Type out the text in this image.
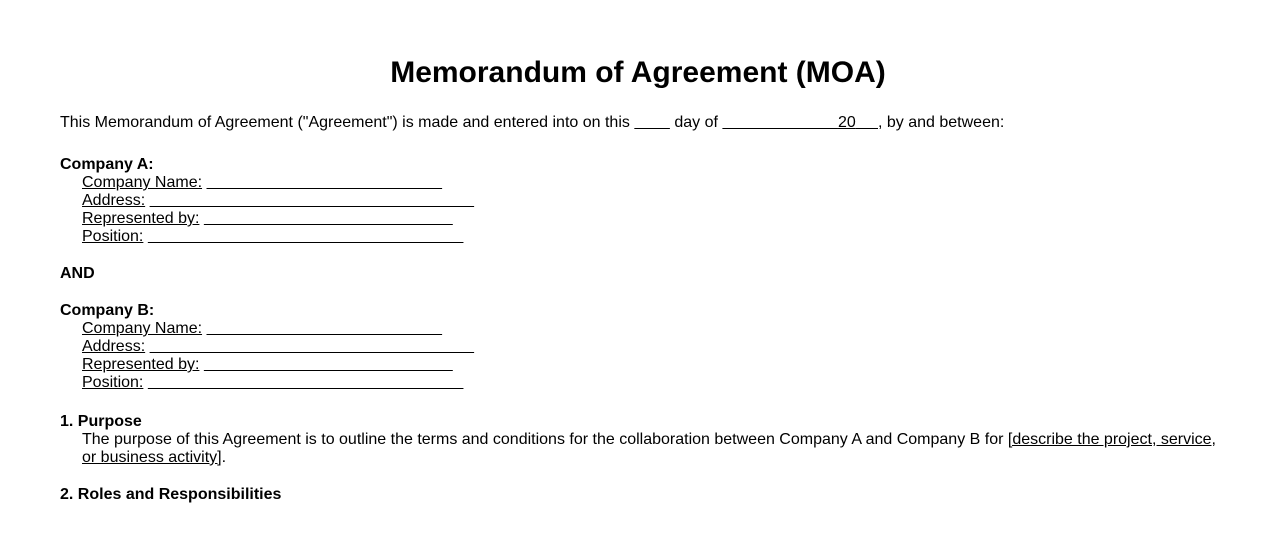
Memorandum of Agreement (MOA)

This Memorandum of Agreement ("Agreement") is made and entered into on this	day of	20 , by and between:

Company A:
Company Name:
Address:
Represented by:
Position:
AND
Company B:
Company Name:
Address:
Represented by:
Position:
1. Purpose
The purpose of this Agreement is to outline the terms and conditions for the collaboration between Company A and Company B for [describe the project, service, or business activity].
2. Roles and Responsibilities
